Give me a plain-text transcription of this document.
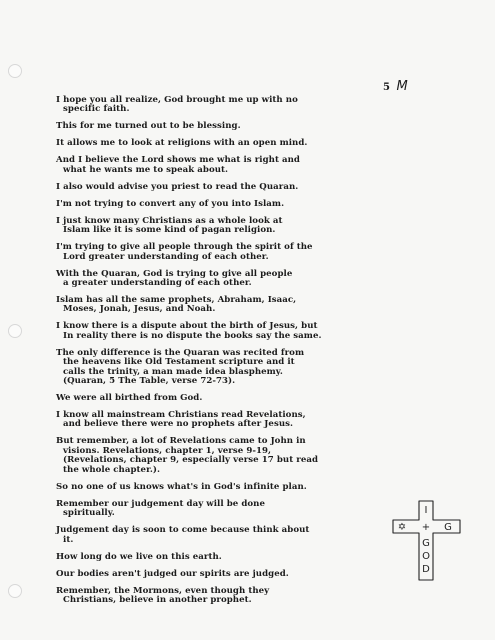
5 M

I hope you all realize, God brought me up with no
specific faith.

This for me turned out to be blessing.

It allows me to look at religions with an open mind.

And I believe the Lord shows me what is right and
what he wants me to speak about.

I also would advise you priest to read the Quaran.

I'm not trying to convert any of you into Islam.

I just know many Christians as a whole look at
Islam like it is some kind of pagan religion.

I'm trying to give all people through the spirit of the
Lord greater understanding of each other.

With the Quaran, God is trying to give all people
a greater understanding of each other.

Islam has all the same prophets, Abraham, Isaac,
Moses, Jonah, Jesus, and Noah.

I know there is a dispute about the birth of Jesus, but
In reality there is no dispute the books say the same.

The only difference is the Quaran was recited from
the heavens like Old Testament scripture and it
calls the trinity, a man made idea blasphemy.
(Quaran, 5 The Table, verse 72-73).

We were all birthed from God.

I know all mainstream Christians read Revelations,
and believe there were no prophets after Jesus.

But remember, a lot of Revelations came to John in
visions. Revelations, chapter 1, verse 9-19,
(Revelations, chapter 9, especially verse 17 but read
the whole chapter.).

So no one of us knows what's in God's infinite plan.

Remember our judgement day will be done
spiritually.

Judgement day is soon to come because think about
it.

How long do we live on this earth.

Our bodies aren't judged our spirits are judged.

Remember, the Mormons, even though they
Christians, believe in another prophet.

I
+
✡	G
G
O
D
